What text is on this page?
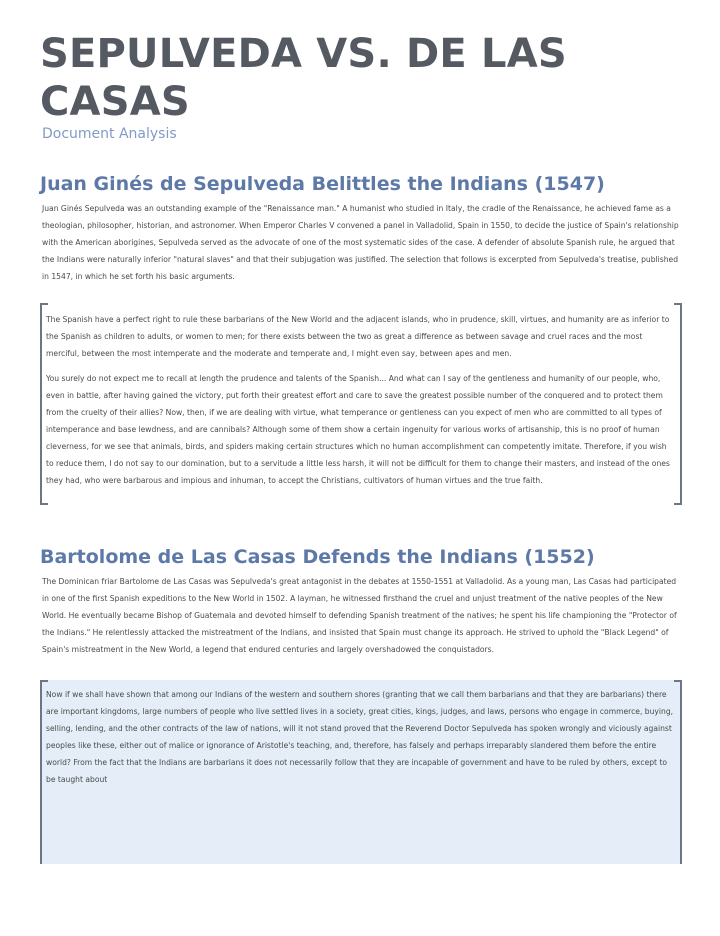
SEPULVEDA VS. DE LAS CASAS
Document Analysis
Juan Ginés de Sepulveda Belittles the Indians (1547)

Juan Ginés Sepulveda was an outstanding example of the "Renaissance man." A humanist who studied in Italy, the cradle of the Renaissance, he achieved fame as a theologian, philosopher, historian, and astronomer. When Emperor Charles V convened a panel in Valladolid, Spain in 1550, to decide the justice of Spain's relationship with the American aborigines, Sepulveda served as the advocate of one of the most systematic sides of the case. A defender of absolute Spanish rule, he argued that the Indians were naturally inferior "natural slaves" and that their subjugation was justified. The selection that follows is excerpted from Sepulveda's treatise, published in 1547, in which he set forth his basic arguments.

The Spanish have a perfect right to rule these barbarians of the New World and the adjacent islands, who in prudence, skill, virtues, and humanity are as inferior to the Spanish as children to adults, or women to men; for there exists between the two as great a difference as between savage and cruel races and the most merciful, between the most intemperate and the moderate and temperate and, I might even say, between apes and men.

You surely do not expect me to recall at length the prudence and talents of the Spanish... And what can I say of the gentleness and humanity of our people, who, even in battle, after having gained the victory, put forth their greatest effort and care to save the greatest possible number of the conquered and to protect them from the cruelty of their allies? Now, then, if we are dealing with virtue, what temperance or gentleness can you expect of men who are committed to all types of intemperance and base lewdness, and are cannibals? Although some of them show a certain ingenuity for various works of artisanship, this is no proof of human cleverness, for we see that animals, birds, and spiders making certain structures which no human accomplishment can competently imitate. Therefore, if you wish to reduce them, I do not say to our domination, but to a servitude a little less harsh, it will not be difficult for them to change their masters, and instead of the ones they had, who were barbarous and impious and inhuman, to accept the Christians, cultivators of human virtues and the true faith.

Bartolome de Las Casas Defends the Indians (1552)

The Dominican friar Bartolome de Las Casas was Sepulveda's great antagonist in the debates at 1550-1551 at Valladolid. As a young man, Las Casas had participated in one of the first Spanish expeditions to the New World in 1502. A layman, he witnessed firsthand the cruel and unjust treatment of the native peoples of the New World. He eventually became Bishop of Guatemala and devoted himself to defending Spanish treatment of the natives; he spent his life championing the "Protector of the Indians." He relentlessly attacked the mistreatment of the Indians, and insisted that Spain must change its approach. He strived to uphold the "Black Legend" of Spain's mistreatment in the New World, a legend that endured centuries and largely overshadowed the conquistadors.

Now if we shall have shown that among our Indians of the western and southern shores (granting that we call them barbarians and that they are barbarians) there are important kingdoms, large numbers of people who live settled lives in a society, great cities, kings, judges, and laws, persons who engage in commerce, buying, selling, lending, and the other contracts of the law of nations, will it not stand proved that the Reverend Doctor Sepulveda has spoken wrongly and viciously against peoples like these, either out of malice or ignorance of Aristotle's teaching, and, therefore, has falsely and perhaps irreparably slandered them before the entire world? From the fact that the Indians are barbarians it does not necessarily follow that they are incapable of government and have to be ruled by others, except to be taught about
